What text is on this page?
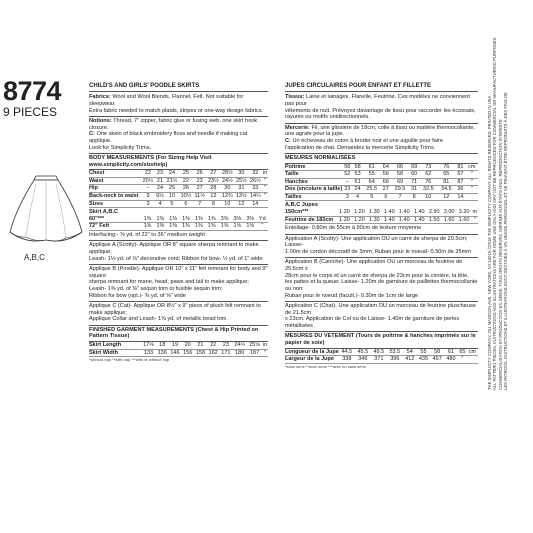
8774
9 PIECES
A,B,C
CHILD'S AND GIRLS' POODLE SKIRTS

Fabrics: Wool and Wool Blends, Flannel, Felt. Not suitable for sleepwear.

Extra fabric needed to match plaids, stripes or one-way design fabrics.

Notions: Thread, 7" zipper, fabric glue or fusing web, one skirt hook closure.

C: One skein of black embroidery floss and needle if making cat applique.

Look for Simplicity Trims.

BODY MEASUREMENTS (For Sizing Help Visit www.simplicity.com/sizehelp)
Chest	22	23	24	25	26	27	28½	30	32	in
Waist	20½	21	21½	22	23	23½	24½	25½	26½	"
Hip	–	24	25	26	27	28	30	31	33	"
Back-neck to waist	9	9½	10	10½	11½	12	12¾	13½	14¼	"
Sizes	3	4	5	6	7	8	10	12	14	
Skirt A,B,C
60"***	1⅜	1⅜	1⅜	1⅜	1⅜	1⅜	3⅜	3⅜	3⅜	Yd
72" Felt	1⅜	1⅜	1⅜	1⅜	1⅜	1⅜	1⅝	1⅝	1⅝	"
Interfacing:- ⅜ yd. of 22" to 36" medium weight

Applique A (Scotty)- Applique OR 8" square sherpa remnant to make applique;

Leash- 1⅛ yd. of ⅛" decorative cord; Ribbon for bow- ½ yd. of 1" wide

Applique B (Poodle)- Applique OR 10" x 11" felt remnant for body and 9" square

sherpa remnant for mane, head, paws and tail to make applique;

Leash- 1⅜ yd. of ⅜" sequin trim or fusible sequin trim;

Ribbon for bow (opt.)- ⅜ yd. of ⅝" wide

Applique C (Cat)- Applique OR 8½" x 9" piece of plush felt remnant to make applique;

Applique Collar and Leash- 1⅝ yd. of metallic bead trim

FINISHED GARMENT MEASUREMENTS (Chest & Hip Printed on Pattern Tissue)
Skirt Length	17⅛	18	19	20	21	22	23	24¼	25⅝	in
Skirt Width	133	136	146	156	158	162	171	180	187	"
*without nap **with nap ***with or without nap
JUPES CIRCULAIRES POUR ENFANT ET FILLETTE

Tissus: Laine et lainages, Flanelle, Feutrine. Ces modèles ne conviennent pas pour

vêtements de nuit. Prévoyez davantage de tissu pour raccorder les écossais,

rayures ou motifs unidirectionnels.

Mercerie: Fil, une glissière de 18cm, colle à tissu ou matière thermocollante,

une agrafe pour la jupe.

C: Un écheveau de coton à broder noir et une aiguille pour faire

l'application de chat. Demandez la mercerie Simplicity Trims.

MESURES NORMALISÉES
Poitrine	56	58	61	64	66	69	73	76	81	cm
Taille	52	53	55	56	58	60	62	65	67	"
Hanches	–	61	64	66	69	71	76	81	87	"
Dos (encolure à taille)	23	24	25.5	27	29.5	31	32.5	34.5	36	"
Tailles	3	4	5	6	7	8	10	12	14	
A,B,C Jupes
150cm***	1.20	1.20	1.30	1.40	1.40	1.40	2.90	3.00	3.20	m
Feutrine de 183cm	1.20	1.20	1.30	1.40	1.40	1.40	1.50	1.60	1.60	"
Entoilage- 0.80m de 55cm à 90cm de texture moyenne

Application A (Scotty)- Une application OU un carré de sherpa de 20.5cm; Laisse-

1.00m de cordon décoratif de 3mm; Ruban pour le noeud- 0.50m de 25mm

Application B (Caniche)- Une application OU un morceau de feutrine de 25.5cm x

28cm pour le corps et un carré de sherpa de 23cm pour la crinière, la tête,

les pattes et la queue; Laisse- 1.20m de garniture de paillettes thermocollante ou non;

Ruban pour le noeud (facult.)- 0.30m de 1cm de large

Application C (Chat)- Une application OU un morceau de feutrine pluscheuse de 21.5cm

x 23cm. Application de Col ou de Laisse- 1.40m de garniture de perles métallisées

MESURES DU VETEMENT (Tours de poitrine & hanches imprimés sur le papier de soie)
Longueur de la Jupe	44.5	45.5	49.5	53.5	54	55	58	61	65	cm
Largeur de la Jupe	338	346	371	396	412	435	457	480	"	
*sans sens **avec sens ***avec ou sans sens	THE SIMPLICITY COMPANY, 261 MADISON AVE, NEW YORK, NY 10016 ©2018 THE SIMPLICITY COMPANY. ALL RIGHTS RESERVED. PRINTED IN USA ALL PATTERN PIECES, INSTRUCTIONS AND ILLUSTRATIONS ARE FOR HOME USE ONLY AND MAY NOT BE REPRODUCED FOR COMMERCIAL OR MANUFACTURING PURPOSES COMMERCIALISATION ET PRODUCTION EN SÉRIE. TOUS DROITS RÉSERVÉS. IMPRIMÉ AUX ÉTATS-UNIS. REPRODUCTION INTERDITE LES PATRONS, INSTRUCTIONS ET ILLUSTRATIONS SONT DESTINÉS À UN USAGE PERSONNEL ET NE PEUVENT ÊTRE REPRODUITS À DES FINS DE
